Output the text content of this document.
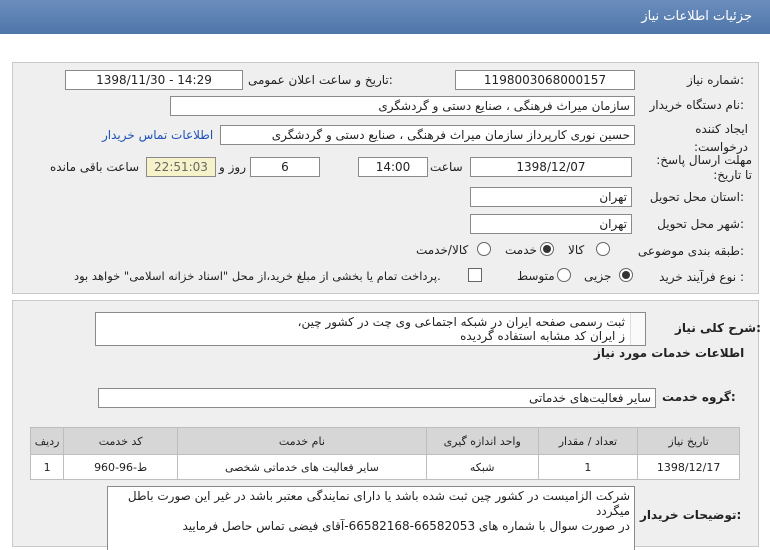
جزئیات اطلاعات نیاز
شماره نیاز:
1198003068000157
تاریخ و ساعت اعلان عمومی:
1398/11/30 - 14:29
نام دستگاه خریدار:
سازمان میراث فرهنگی ، صنایع دستی و گردشگری
ایجاد کننده درخواست:
حسین نوری کارپرداز سازمان میراث فرهنگی ، صنایع دستی و گردشگری
اطلاعات تماس خریدار
مهلت ارسال پاسخ: تا تاریخ:
1398/12/07
ساعت
14:00
6
روز و
22:51:03
ساعت باقی مانده
استان محل تحویل:
تهران
شهر محل تحویل:
تهران
طبقه بندی موضوعی:
کالا
خدمت
کالا/خدمت
نوع فرآیند خرید :
جزیی
متوسط
پرداخت تمام یا بخشی از مبلغ خرید،از محل "اسناد خزانه اسلامی" خواهد بود.
شرح کلی نیاز:
ثبت رسمی صفحه ایران در شبکه اجتماعی وی چت در کشور چین،
ز ایران کد مشابه استفاده گردیده
اطلاعات خدمات مورد نیاز
گروه خدمت:
سایر فعالیت‌های خدماتی
ردیف	کد خدمت	نام خدمت	واحد اندازه گیری	تعداد / مقدار	تاریخ نیاز
1	ط-96-960	سایر فعالیت های خدماتی شخصی	شبکه	1	1398/12/17
توضیحات خریدار:
شرکت الزامیست در کشور چین ثبت شده باشد یا دارای نمایندگی معتبر باشد در غیر این صورت باطل
میگردد
در صورت سوال با شماره های 66582053-66582168-آقای فیضی تماس حاصل فرمایید
